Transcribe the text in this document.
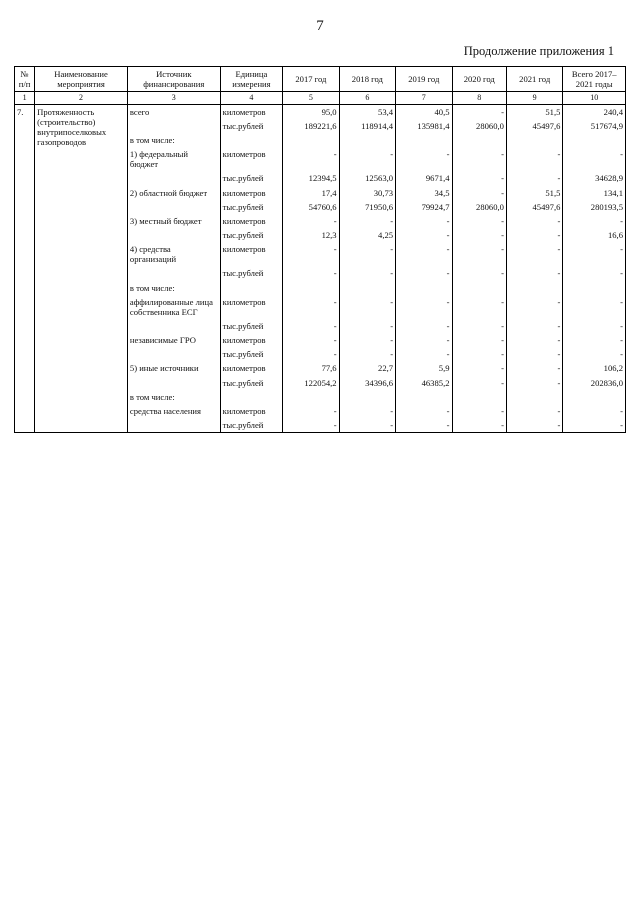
7
Продолжение приложения 1
№ п/п	Наименование мероприятия	Источник финансирования	Единица измерения	2017 год	2018 год	2019 год	2020 год	2021 год	Всего 2017–2021 годы
1	2	3	4	5	6	7	8	9	10
7.	Протяженность (строительство) внутрипоселковых газопроводов	всего	километров	95,0	53,4	40,5	-	51,5	240,4
			тыс.рублей	189221,6	118914,4	135981,4	28060,0	45497,6	517674,9
		в том числе:							
		1) федеральный бюджет	километров	-	-	-	-	-	-
			тыс.рублей	12394,5	12563,0	9671,4	-	-	34628,9
		2) областной бюджет	километров	17,4	30,73	34,5	-	51,5	134,1
			тыс.рублей	54760,6	71950,6	79924,7	28060,0	45497,6	280193,5
		3) местный бюджет	километров	-	-	-	-	-	-
			тыс.рублей	12,3	4,25	-	-	-	16,6
		4) средства организаций	километров	-	-	-	-	-	-
			тыс.рублей	-	-	-	-	-	-
		в том числе:							
		аффилированные лица собственника ЕСГ	километров	-	-	-	-	-	-
			тыс.рублей	-	-	-	-	-	-
		независимые ГРО	километров	-	-	-	-	-	-
			тыс.рублей	-	-	-	-	-	-
		5) иные источники	километров	77,6	22,7	5,9	-	-	106,2
			тыс.рублей	122054,2	34396,6	46385,2	-	-	202836,0
		в том числе:							
		средства населения	километров	-	-	-	-	-	-
			тыс.рублей	-	-	-	-	-	-
